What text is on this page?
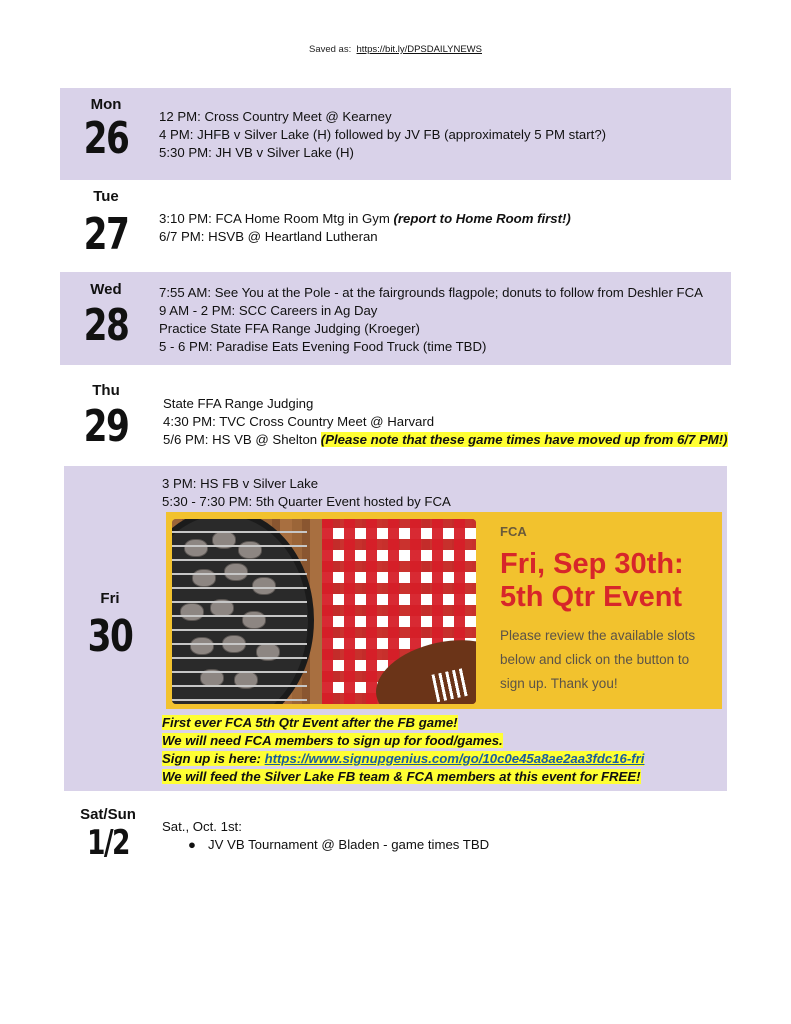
Saved as: https://bit.ly/DPSDAILYNEWS
Mon
26	12 PM: Cross Country Meet @ Kearney
4 PM: JHFB v Silver Lake (H) followed by JV FB (approximately 5 PM start?)
5:30 PM: JH VB v Silver Lake (H)
Tue
27	3:10 PM: FCA Home Room Mtg in Gym (report to Home Room first!)
6/7 PM: HSVB @ Heartland Lutheran
Wed
28
7:55 AM: See You at the Pole - at the fairgrounds flagpole; donuts to follow from Deshler FCA
9 AM - 2 PM: SCC Careers in Ag Day
Practice State FFA Range Judging (Kroeger)
5 - 6 PM: Paradise Eats Evening Food Truck (time TBD)
Thu
29	State FFA Range Judging
4:30 PM: TVC Cross Country Meet @ Harvard
5/6 PM: HS VB @ Shelton (Please note that these game times have moved up from 6/7 PM!)
Fri
30
3 PM: HS FB v Silver Lake
5:30 - 7:30 PM: 5th Quarter Event hosted by FCA
First ever FCA 5th Qtr Event after the FB game!
We will need FCA members to sign up for food/games.
Sign up is here: https://www.signupgenius.com/go/10c0e45a8ae2aa3fdc16-fri
We will feed the Silver Lake FB team & FCA members at this event for FREE!
FCA
Fri, Sep 30th:
5th Qtr Event
Please review the available slots below and click on the button to sign up. Thank you!
Sat/Sun
1/2	Sat., Oct. 1st:
● JV VB Tournament @ Bladen - game times TBD
